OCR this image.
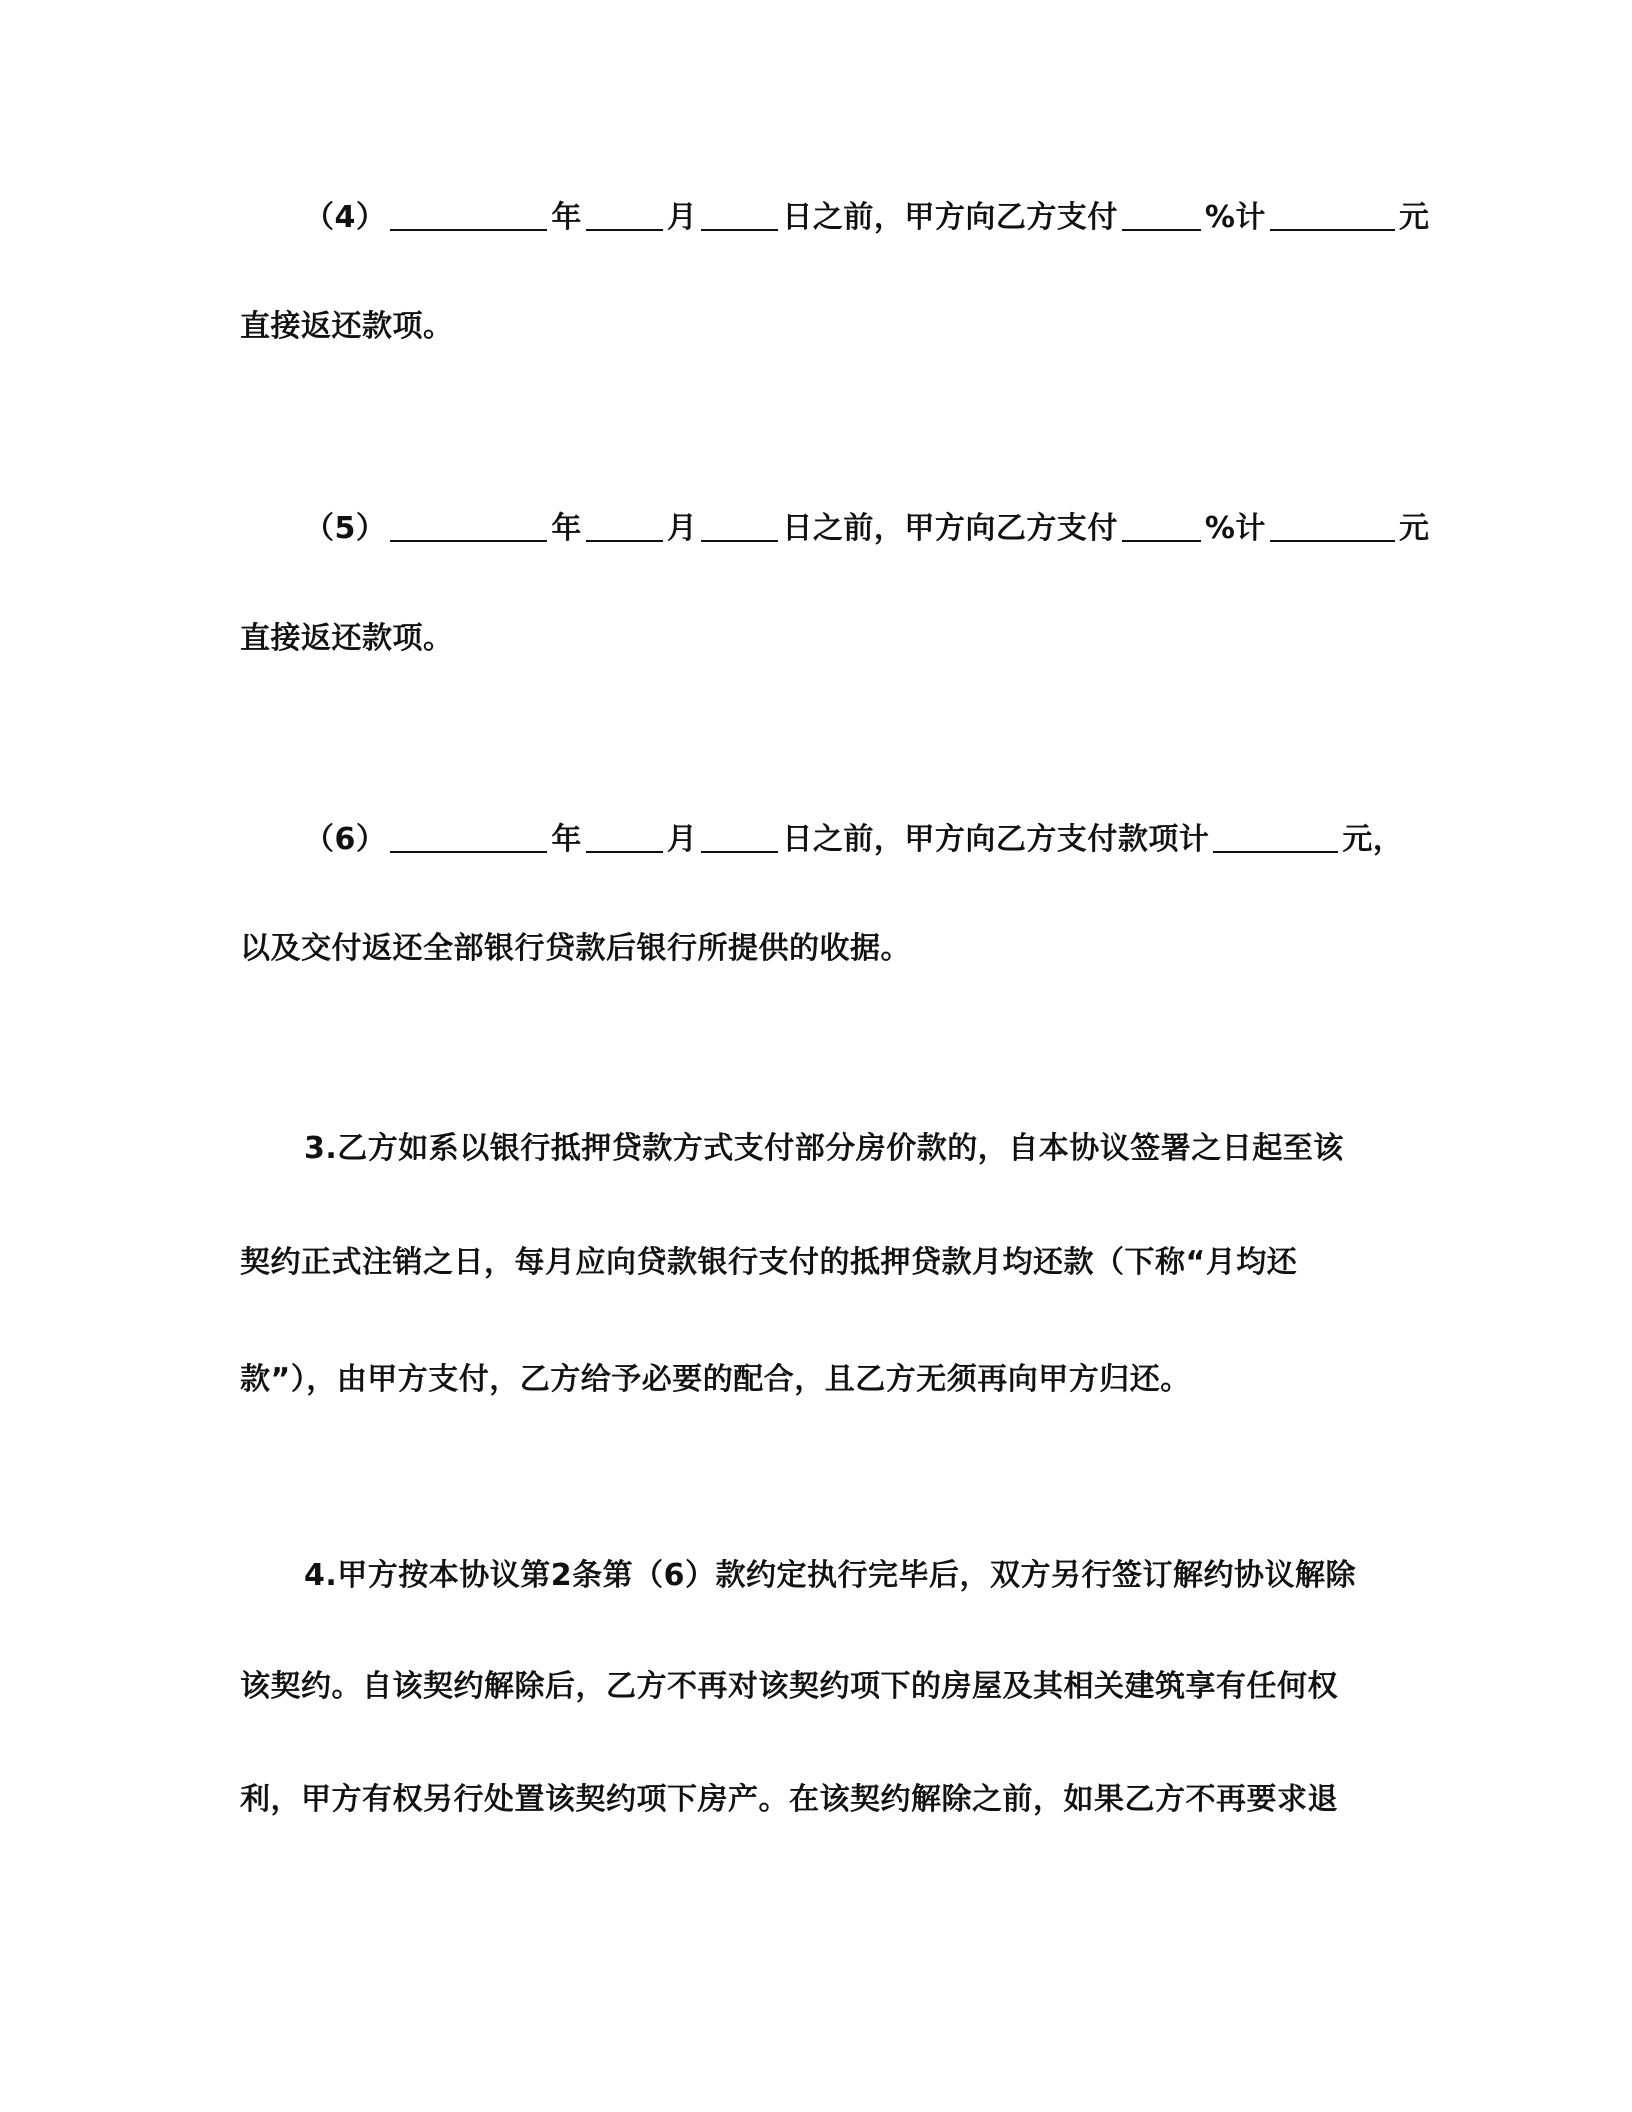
（4）	年	月	日之前，甲方向乙方支付	%计	元
直接返还款项。
（5）	年	月	日之前，甲方向乙方支付	%计	元
直接返还款项。
（6）	年	月	日之前，甲方向乙方支付款项计	元，
以及交付返还全部银行贷款后银行所提供的收据。
3.乙方如系以银行抵押贷款方式支付部分房价款的，自本协议签署之日起至该
契约正式注销之日，每月应向贷款银行支付的抵押贷款月均还款（下称“月均还
款”），由甲方支付，乙方给予必要的配合，且乙方无须再向甲方归还。
4.甲方按本协议第2条第（6）款约定执行完毕后，双方另行签订解约协议解除
该契约。自该契约解除后，乙方不再对该契约项下的房屋及其相关建筑享有任何权
利，甲方有权另行处置该契约项下房产。在该契约解除之前，如果乙方不再要求退
